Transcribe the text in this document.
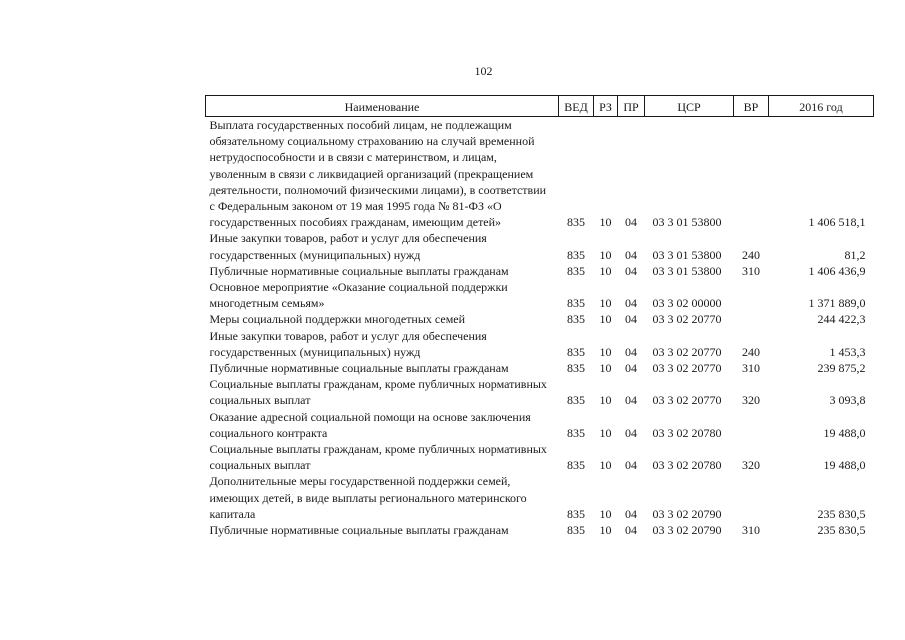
102
Наименование	ВЕД	РЗ	ПР	ЦСР	ВР	2016 год
Выплата государственных пособий лицам, не подлежащим обязательному социальному страхованию на случай временной нетрудоспособности и в связи с материнством, и лицам, уволенным в связи с ликвидацией организаций (прекращением деятельности, полномочий физическими лицами), в соответствии с Федеральным законом от 19 мая 1995 года № 81-ФЗ «О государственных пособиях гражданам, имеющим детей»	835	10	04	03 3 01 53800		1 406 518,1
Иные закупки товаров, работ и услуг для обеспечения государственных (муниципальных) нужд	835	10	04	03 3 01 53800	240	81,2
Публичные нормативные социальные выплаты гражданам	835	10	04	03 3 01 53800	310	1 406 436,9
Основное мероприятие «Оказание социальной поддержки многодетным семьям»	835	10	04	03 3 02 00000		1 371 889,0
Меры социальной поддержки многодетных семей	835	10	04	03 3 02 20770		244 422,3
Иные закупки товаров, работ и услуг для обеспечения государственных (муниципальных) нужд	835	10	04	03 3 02 20770	240	1 453,3
Публичные нормативные социальные выплаты гражданам	835	10	04	03 3 02 20770	310	239 875,2
Социальные выплаты гражданам, кроме публичных нормативных социальных выплат	835	10	04	03 3 02 20770	320	3 093,8
Оказание адресной социальной помощи на основе заключения социального контракта	835	10	04	03 3 02 20780		19 488,0
Социальные выплаты гражданам, кроме публичных нормативных социальных выплат	835	10	04	03 3 02 20780	320	19 488,0
Дополнительные меры государственной поддержки семей, имеющих детей, в виде выплаты регионального материнского капитала	835	10	04	03 3 02 20790		235 830,5
Публичные нормативные социальные выплаты гражданам	835	10	04	03 3 02 20790	310	235 830,5
